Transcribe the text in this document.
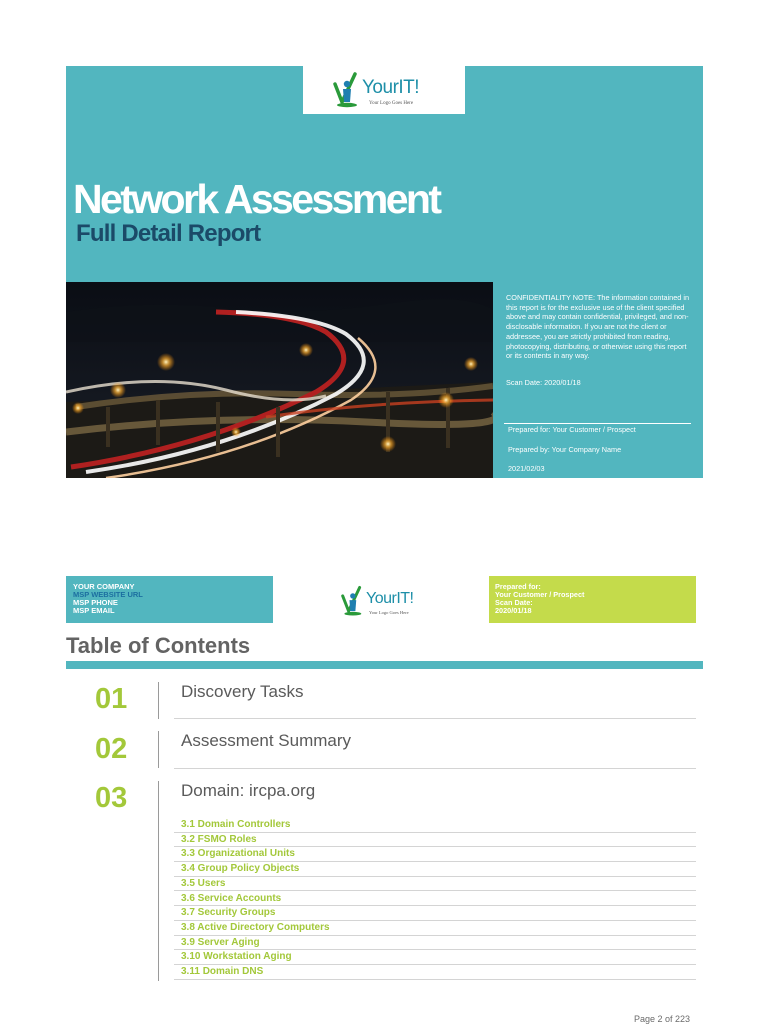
YourIT!
Your Logo Goes Here
Network Assessment
Full Detail Report
CONFIDENTIALITY NOTE: The information contained in this report is for the exclusive use of the client specified above and may contain confidential, privileged, and non-disclosable information. If you are not the client or addressee, you are strictly prohibited from reading, photocopying, distributing, or otherwise using this report or its contents in any way.
Scan Date: 2020/01/18
Prepared for: Your Customer / Prospect
Prepared by: Your Company Name
2021/02/03
YOUR COMPANY
MSP WEBSITE URL
MSP PHONE
MSP EMAIL
YourIT!
Your Logo Goes Here
Prepared for:
Your Customer / Prospect
Scan Date:
2020/01/18
Table of Contents
01	Discovery Tasks
02	Assessment Summary
03	Domain: ircpa.org
3.1 Domain Controllers
3.2 FSMO Roles
3.3 Organizational Units
3.4 Group Policy Objects
3.5 Users
3.6 Service Accounts
3.7 Security Groups
3.8 Active Directory Computers
3.9 Server Aging
3.10 Workstation Aging
3.11 Domain DNS
Page 2 of 223
